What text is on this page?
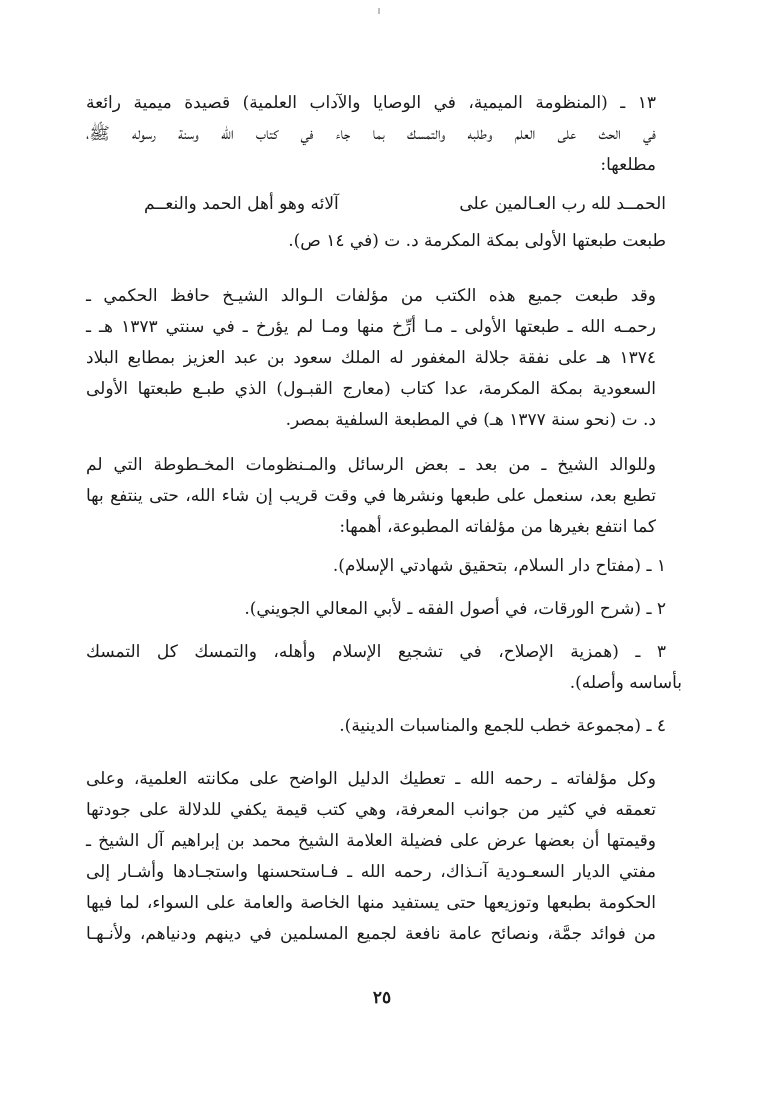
١٣ ـ (المنظومة الميمية، في الوصايا والآداب العلمية) قصيدة ميمية رائعة
في الحث على العلم وطلبه والتمسك بما جاء في كتاب الله وسنة رسوله ﷺ،
مطلعها:
الحمــد لله رب العـالمين على
آلائه وهو أهل الحمد والنعــم
طبعت طبعتها الأولى بمكة المكرمة د. ت (في ١٤ ص).
وقد طبعت جميع هذه الكتب من مؤلفات الـوالد الشيـخ حافظ الحكمي ـ
رحمـه الله ـ طبعتها الأولى ـ مـا أرِّخ منها ومـا لم يؤرخ ـ في سنتي ١٣٧٣ هـ ـ
١٣٧٤ هـ على نفقة جلالة المغفور له الملك سعود بن عبد العزيز بمطابع البلاد
السعودية بمكة المكرمة، عدا كتاب (معارج القبـول) الذي طبـع طبعتها الأولى
د. ت (نحو سنة ١٣٧٧ هـ) في المطبعة السلفية بمصر.
وللوالد الشيخ ـ من بعد ـ بعض الرسائل والمـنظومات المخـطوطة التي لم
تطبع بعد، سنعمل على طبعها ونشرها في وقت قريب إن شاء الله، حتى ينتفع بها
كما انتفع بغيرها من مؤلفاته المطبوعة، أهمها:
١ ـ (مفتاح دار السلام، بتحقيق شهادتي الإسلام).
٢ ـ (شرح الورقات، في أصول الفقه ـ لأبي المعالي الجويني).
٣ ـ (همزية الإصلاح، في تشجيع الإسلام وأهله، والتمسك كل التمسك
بأساسه وأصله).
٤ ـ (مجموعة خطب للجمع والمناسبات الدينية).
وكل مؤلفاته ـ رحمه الله ـ تعطيك الدليل الواضح على مكانته العلمية، وعلى
تعمقه في كثير من جوانب المعرفة، وهي كتب قيمة يكفي للدلالة على جودتها
وقيمتها أن بعضها عرض على فضيلة العلامة الشيخ محمد بن إبراهيم آل الشيخ ـ
مفتي الديار السعـودية آنـذاك، رحمه الله ـ فـاستحسنها واستجـادها وأشـار إلى
الحكومة بطبعها وتوزيعها حتى يستفيد منها الخاصة والعامة على السواء، لما فيها
من فوائد جمَّة، ونصائح عامة نافعة لجميع المسلمين في دينهم ودنياهم، ولأنـهـا
٢٥
